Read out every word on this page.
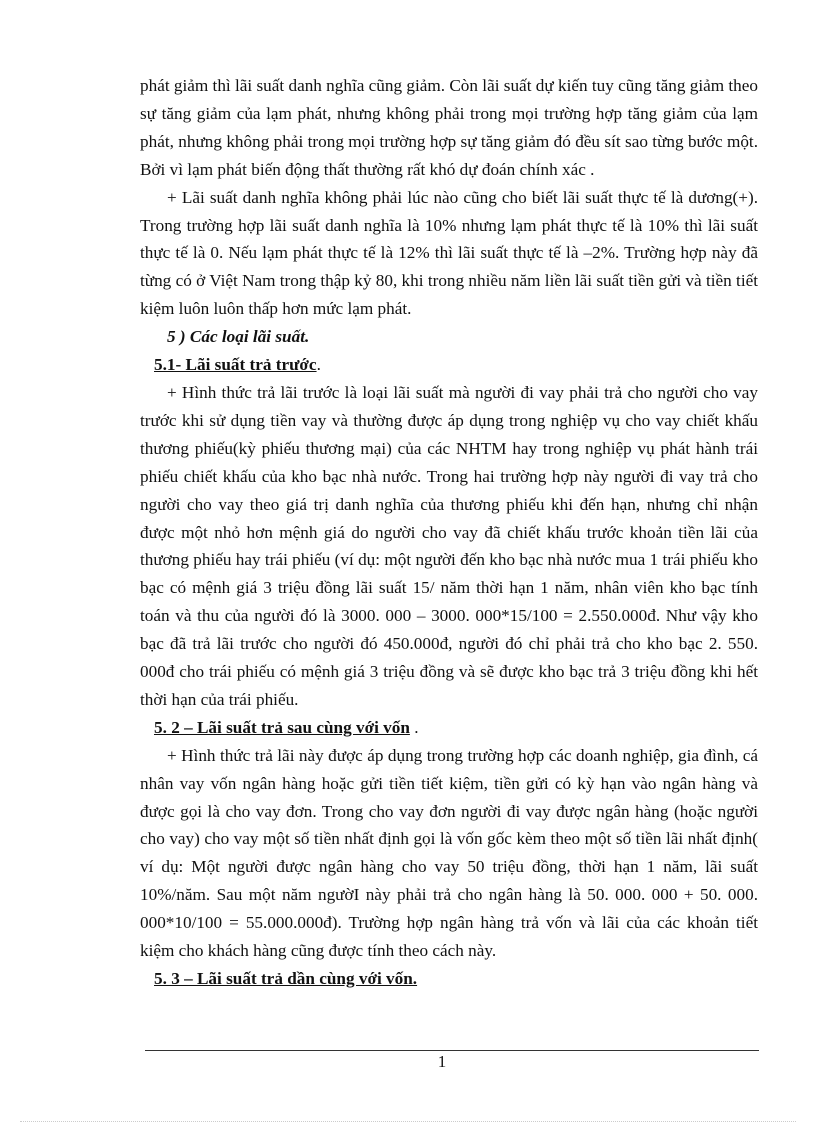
phát giảm thì lãi suất danh nghĩa cũng giảm. Còn lãi suất dự kiến tuy cũng tăng giảm theo sự tăng giảm của lạm phát, nhưng không phải trong mọi trường hợp tăng giảm của lạm phát, nhưng không phải trong mọi trường hợp sự tăng giảm đó đều sít sao từng bước một. Bởi vì lạm phát biến động thất thường rất khó dự đoán chính xác .

+ Lãi suất danh nghĩa không phải lúc nào cũng cho biết lãi suất thực tế là dương(+). Trong trường hợp lãi suất danh nghĩa là 10% nhưng lạm phát thực tế là 10% thì lãi suất thực tế là 0. Nếu lạm phát thực tế là 12% thì lãi suất thực tế là –2%. Trường hợp này đã từng có ở Việt Nam trong thập kỷ 80, khi trong nhiều năm liền lãi suất tiền gửi và tiền tiết kiệm luôn luôn thấp hơn mức lạm phát.

5 ) Các loại lãi suất.

5.1- Lãi suất trả trước.

+ Hình thức trả lãi trước là loại lãi suất mà người đi vay phải trả cho người cho vay trước khi sử dụng tiền vay và thường được áp dụng trong nghiệp vụ cho vay chiết khấu thương phiếu(kỳ phiếu thương mại) của các NHTM hay trong nghiệp vụ phát hành trái phiếu chiết khấu của kho bạc nhà nước. Trong hai trường hợp này người đi vay trả cho người cho vay theo giá trị danh nghĩa của thương phiếu khi đến hạn, nhưng chỉ nhận được một nhỏ hơn mệnh giá do người cho vay đã chiết khấu trước khoản tiền lãi của thương phiếu hay trái phiếu (ví dụ: một người đến kho bạc nhà nước mua 1 trái phiếu kho bạc có mệnh giá 3 triệu đồng lãi suất 15/ năm thời hạn 1 năm, nhân viên kho bạc tính toán và thu của người đó là 3000. 000 – 3000. 000*15/100 = 2.550.000đ. Như vậy kho bạc đã trả lãi trước cho người đó 450.000đ, người đó chỉ phải trả cho kho bạc 2. 550. 000đ cho trái phiếu có mệnh giá 3 triệu đồng và sẽ được kho bạc trả 3 triệu đồng khi hết thời hạn của trái phiếu.

5. 2 – Lãi suất trả sau cùng với vốn .

+ Hình thức trả lãi này được áp dụng trong trường hợp các doanh nghiệp, gia đình, cá nhân vay vốn ngân hàng hoặc gửi tiền tiết kiệm, tiền gửi có kỳ hạn vào ngân hàng và được gọi là cho vay đơn. Trong cho vay đơn người đi vay được ngân hàng (hoặc người cho vay) cho vay một số tiền nhất định gọi là vốn gốc kèm theo một số tiền lãi nhất định( ví dụ: Một người được ngân hàng cho vay 50 triệu đồng, thời hạn 1 năm, lãi suất 10%/năm. Sau một năm ngườI này phải trả cho ngân hàng là 50. 000. 000 + 50. 000. 000*10/100 = 55.000.000đ). Trường hợp ngân hàng trả vốn và lãi của các khoản tiết kiệm cho khách hàng cũng được tính theo cách này.

5. 3 – Lãi suất trả dần cùng với vốn.

1
